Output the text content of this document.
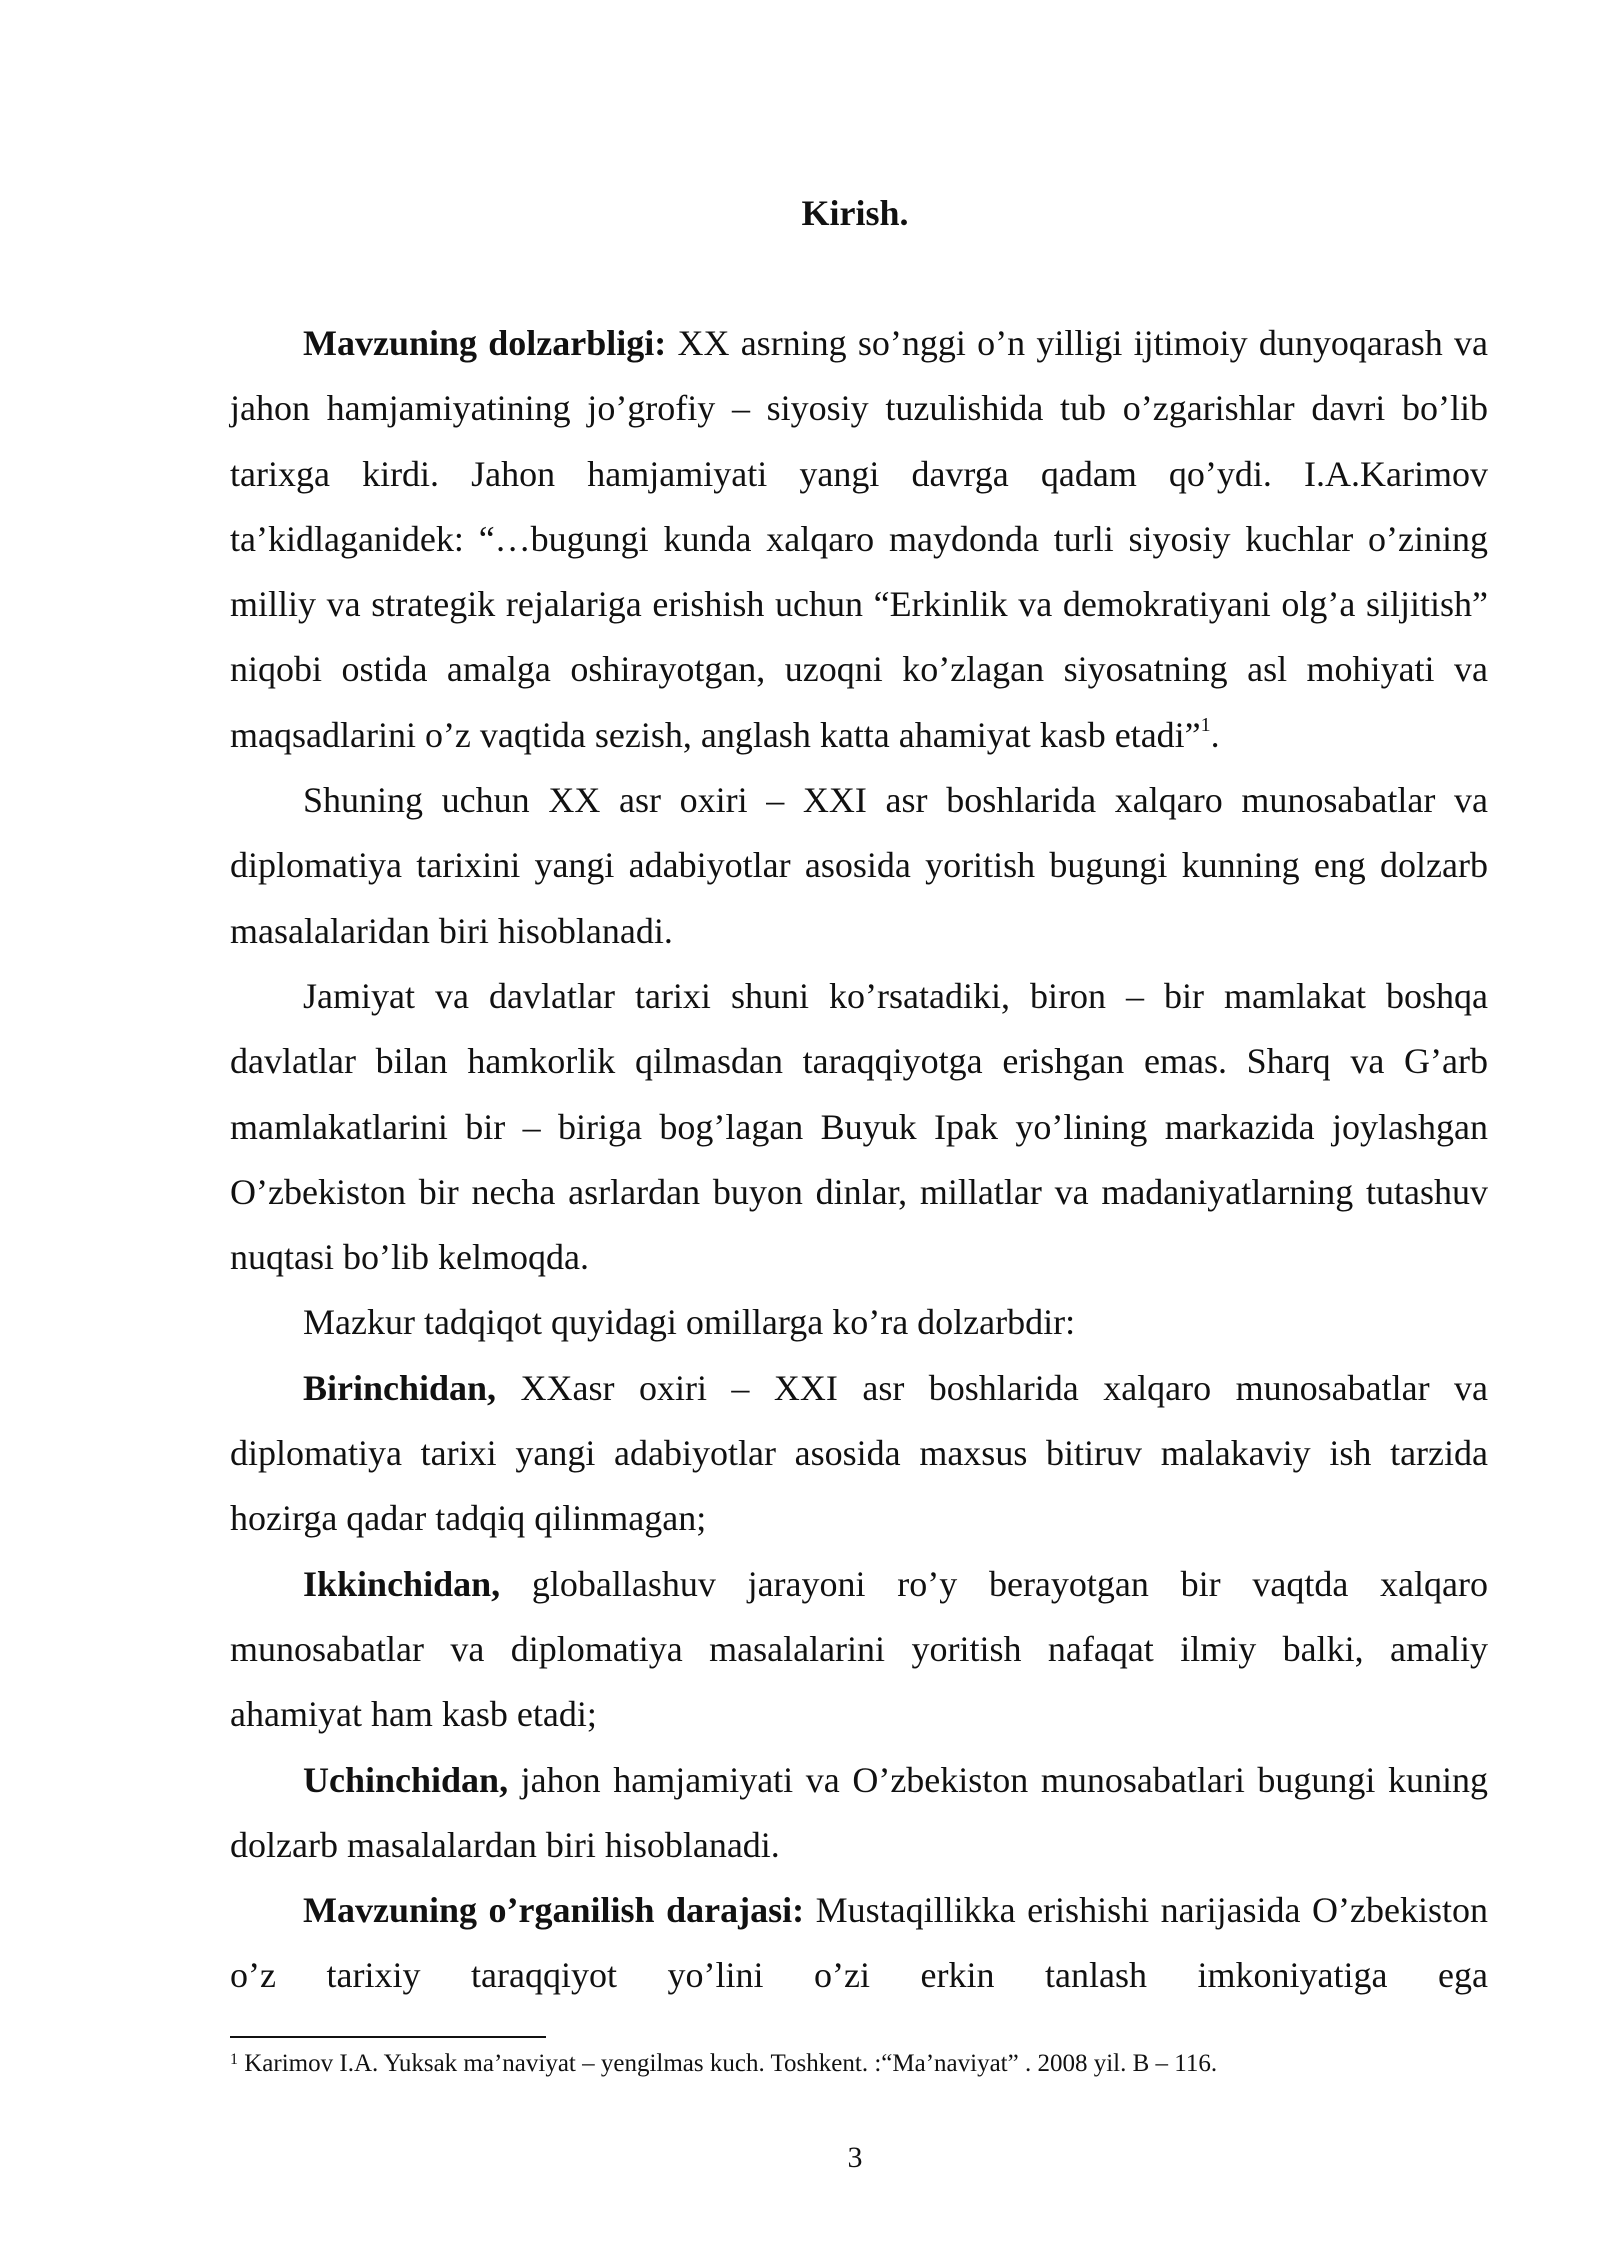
Kirish.

Mavzuning dolzarbligi: XX asrning so’nggi o’n yilligi ijtimoiy dunyoqarash va jahon hamjamiyatining jo’grofiy – siyosiy tuzulishida tub o’zgarishlar davri bo’lib tarixga kirdi. Jahon hamjamiyati yangi davrga qadam qo’ydi. I.A.Karimov ta’kidlaganidek: “…bugungi kunda xalqaro maydonda turli siyosiy kuchlar o’zining milliy va strategik rejalariga erishish uchun “Erkinlik va demokratiyani olg’a siljitish” niqobi ostida amalga oshirayotgan, uzoqni ko’zlagan siyosatning asl mohiyati va maqsadlarini o’z vaqtida sezish, anglash katta ahamiyat kasb etadi”$^1$.

Shuning uchun XX asr oxiri – XXI asr boshlarida xalqaro munosabatlar va diplomatiya tarixini yangi adabiyotlar asosida yoritish bugungi kunning eng dolzarb masalalaridan biri hisoblanadi.

Jamiyat va davlatlar tarixi shuni ko’rsatadiki, biron – bir mamlakat boshqa davlatlar bilan hamkorlik qilmasdan taraqqiyotga erishgan emas. Sharq va G’arb mamlakatlarini bir – biriga bog’lagan Buyuk Ipak yo’lining markazida joylashgan O’zbekiston bir necha asrlardan buyon dinlar, millatlar va madaniyatlarning tutashuv nuqtasi bo’lib kelmoqda.

Mazkur tadqiqot quyidagi omillarga ko’ra dolzarbdir:

Birinchidan, XXasr oxiri – XXI asr boshlarida xalqaro munosabatlar va diplomatiya tarixi yangi adabiyotlar asosida maxsus bitiruv malakaviy ish tarzida hozirga qadar tadqiq qilinmagan;

Ikkinchidan, globallashuv jarayoni ro’y berayotgan bir vaqtda xalqaro munosabatlar va diplomatiya masalalarini yoritish nafaqat ilmiy balki, amaliy ahamiyat ham kasb etadi;

Uchinchidan, jahon hamjamiyati va O’zbekiston munosabatlari bugungi kuning dolzarb masalalardan biri hisoblanadi.

Mavzuning o’rganilish darajasi: Mustaqillikka erishishi narijasida O’zbekiston o’z tarixiy taraqqiyot yo’lini o’zi erkin tanlash imkoniyatiga ega

$^1$ Karimov I.A. Yuksak ma’naviyat – yengilmas kuch. Toshkent. :“Ma’naviyat” . 2008 yil. B – 116.
3
